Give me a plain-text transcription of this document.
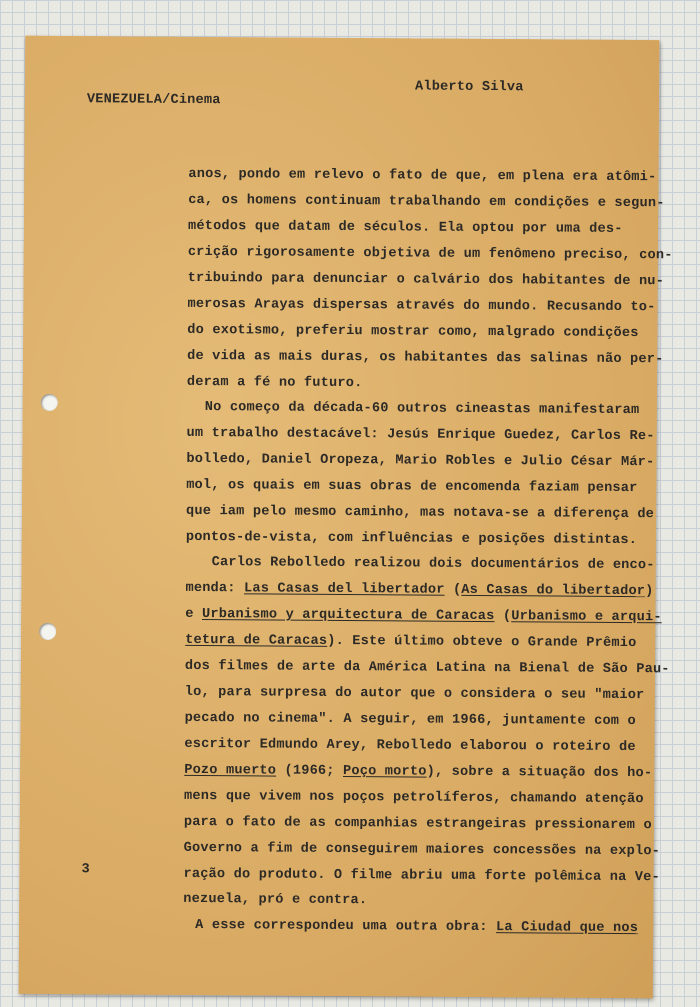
Alberto Silva
VENEZUELA/Cinema
anos, pondo em relevo o fato de que, em plena era atômi-
ca, os homens continuam trabalhando em condições e segun-
métodos que datam de séculos. Ela optou por uma des-
crição rigorosamente objetiva de um fenômeno preciso, con-
tribuindo para denunciar o calvário dos habitantes de nu-
merosas Arayas dispersas através do mundo. Recusando to-
do exotismo, preferiu mostrar como, malgrado condições
de vida as mais duras, os habitantes das salinas não per-
deram a fé no futuro.
No começo da década-60 outros cineastas manifestaram
um trabalho destacável: Jesús Enrique Guedez, Carlos Re-
bolledo, Daniel Oropeza, Mario Robles e Julio César Már-
mol, os quais em suas obras de encomenda faziam pensar
que iam pelo mesmo caminho, mas notava-se a diferença de
pontos-de-vista, com influências e posições distintas.
Carlos Rebolledo realizou dois documentários de enco-
menda: Las Casas del libertador (As Casas do libertador)
e Urbanismo y arquitectura de Caracas (Urbanismo e arqui-
tetura de Caracas). Este último obteve o Grande Prêmio
dos filmes de arte da América Latina na Bienal de São Pau-
lo, para surpresa do autor que o considera o seu "maior
pecado no cinema". A seguir, em 1966, juntamente com o
escritor Edmundo Arey, Rebolledo elaborou o roteiro de
Pozo muerto (1966; Poço morto), sobre a situação dos ho-
mens que vivem nos poços petrolíferos, chamando atenção
para o fato de as companhias estrangeiras pressionarem o
Governo a fim de conseguirem maiores concessões na explo-
ração do produto. O filme abriu uma forte polêmica na Ve-
nezuela, pró e contra.
A esse correspondeu uma outra obra: La Ciudad que nos
3
